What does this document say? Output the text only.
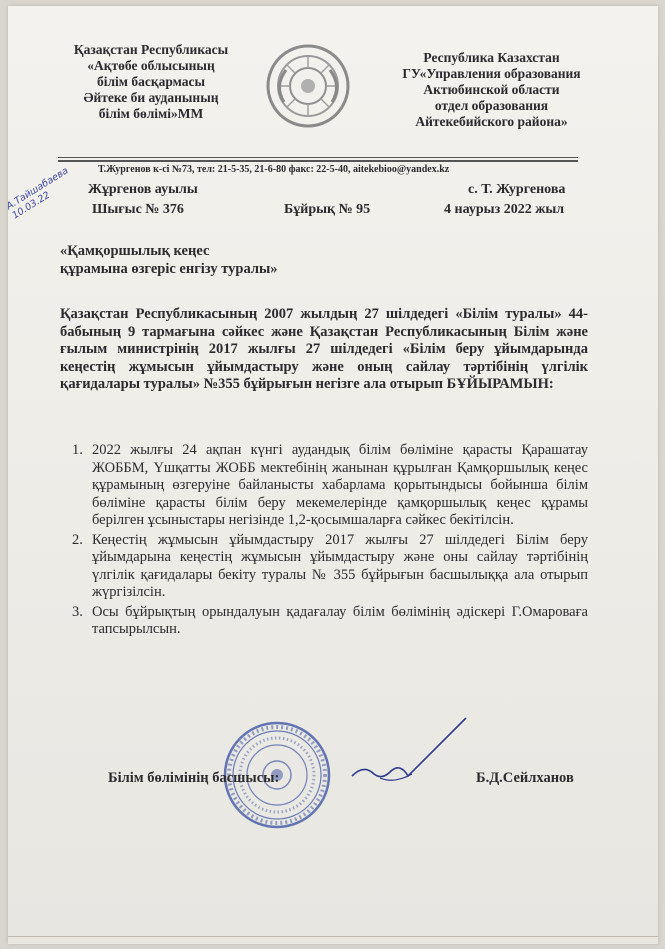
Қазақстан Республикасы
«Ақтөбе облысының
білім басқармасы
Әйтеке би ауданының
білім бөлімі»ММ
Республика Казахстан
ГУ«Управления образования
Актюбинской области
отдел образования
Айтекебийского района»
Т.Жургенов к-сі №73, тел: 21-5-35, 21-6-80 факс: 22-5-40, aitekebioo@yandex.kz
А.Тайшабаева 10.03.22
Жұргенов ауылы	с. Т. Жургенова
Шығыс № 376	Бұйрық № 95	4 наурыз 2022 жыл
«Қамқоршылық кеңес
құрамына өзгеріс енгізу туралы»
Қазақстан Республикасының 2007 жылдың 27 шілдедегі «Білім туралы» 44-бабының 9 тармағына сәйкес және Қазақстан Республикасының Білім және ғылым министрінің 2017 жылғы 27 шілдедегі «Білім беру ұйымдарында кеңестің жұмысын ұйымдастыру және оның сайлау тәртібінің үлгілік қағидалары туралы» №355 бұйрығын негізге ала отырып БҰЙЫРАМЫН:
1. 2022 жылғы 24 ақпан күнгі аудандық білім бөліміне қарасты Қарашатау ЖОББМ, Үшқатты ЖОББ мектебінің жанынан құрылған Қамқоршылық кеңес құрамының өзгеруіне байланысты хабарлама қорытындысы бойынша білім бөліміне қарасты білім беру мекемелерінде қамқоршылық кеңес құрамы берілген ұсыныстары негізінде 1,2-қосымшаларға сәйкес бекітілсін.
2. Кеңестің жұмысын ұйымдастыру 2017 жылғы 27 шілдедегі Білім беру ұйымдарына кеңестің жұмысын ұйымдастыру және оны сайлау тәртібінің үлгілік қағидалары бекіту туралы № 355 бұйрығын басшылыққа ала отырып жүргізілсін.
3. Осы бұйрықтың орындалуын қадағалау білім бөлімінің әдіскері Г.Омароваға тапсырылсын.
Білім бөлімінің басшысы:	Б.Д.Сейлханов
